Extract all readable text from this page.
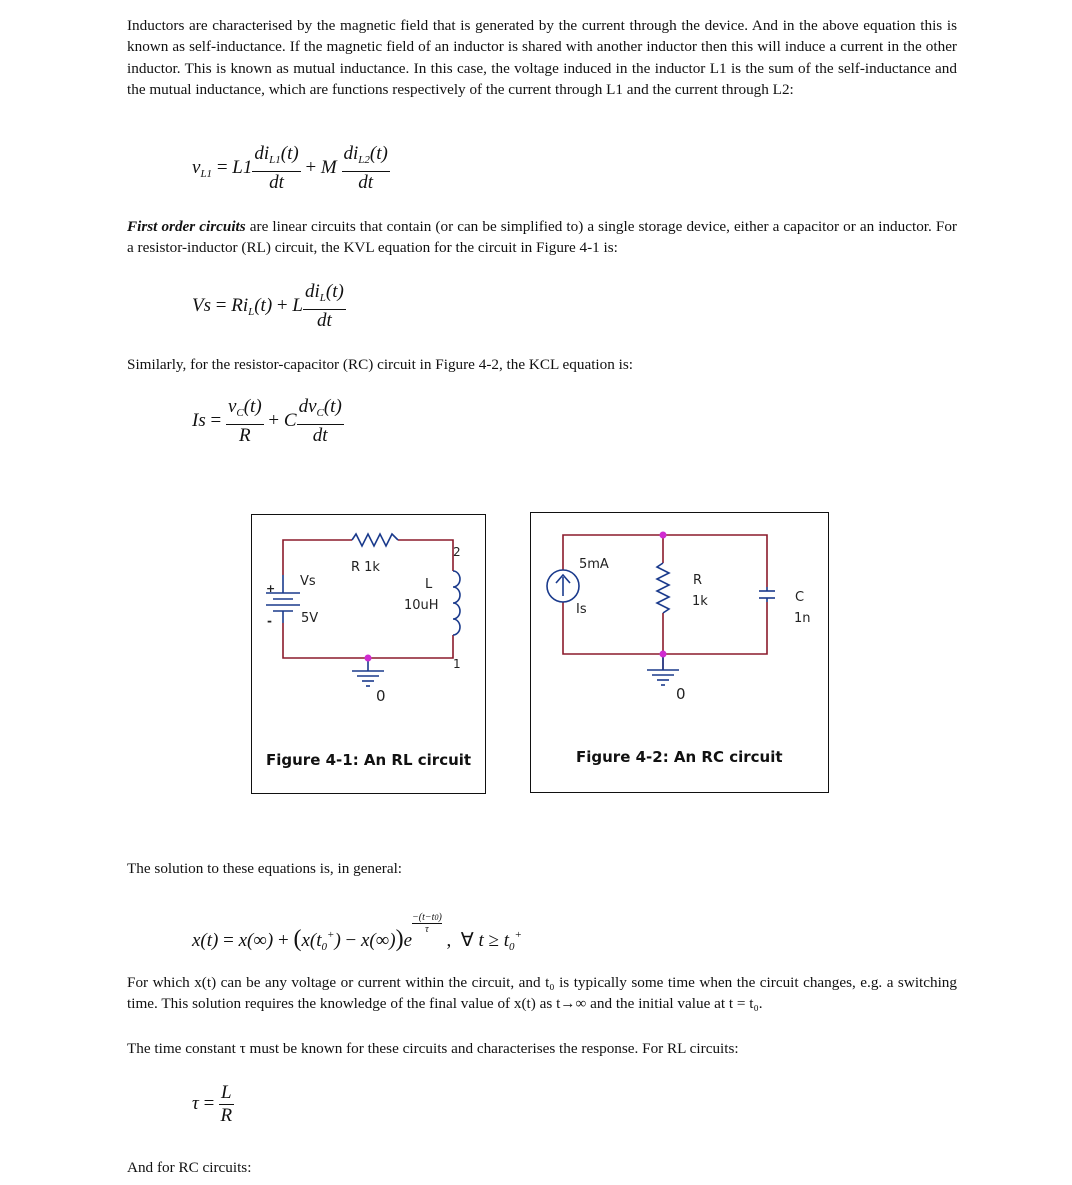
Inductors are characterised by the magnetic field that is generated by the current through the device. And in the above equation this is known as self-inductance. If the magnetic field of an inductor is shared with another inductor then this will induce a current in the other inductor. This is known as mutual inductance. In this case, the voltage induced in the inductor L1 is the sum of the self-inductance and the mutual inductance, which are functions respectively of the current through L1 and the current through L2:

$v_{L1} = L1 \frac{di_{L1}(t)}{dt} + M \frac{di_{L2}(t)}{dt}$

First order circuits are linear circuits that contain (or can be simplified to) a single storage device, either a capacitor or an inductor. For a resistor-inductor (RL) circuit, the KVL equation for the circuit in Figure 4-1 is:

$Vs = Ri_L(t) + L \frac{di_L(t)}{dt}$

Similarly, for the resistor-capacitor (RC) circuit in Figure 4-2, the KCL equation is:

$Is = \frac{v_C(t)}{R} + C \frac{dv_C(t)}{dt}$
R 1k
Vs
5V
+
-
L
10uH
2
1
0
Figure 4-1: An RL circuit
5mA
Is
R
1k	C
1n
0
Figure 4-2: An RC circuit

The solution to these equations is, in general:

$x(t) = x(\infty) + (x(t_0^+) - x(\infty))e$
$\frac{-(t-t0)}{\tau}$
, ∀ $t \ge t_0^+$

For which x(t) can be any voltage or current within the circuit, and t₀ is typically some time when the circuit changes, e.g. a switching time. This solution requires the knowledge of the final value of x(t) as t→∞ and the initial value at t = t₀.

The time constant τ must be known for these circuits and characterises the response. For RL circuits:

$\tau = \frac{L}{R}$

And for RC circuits:
